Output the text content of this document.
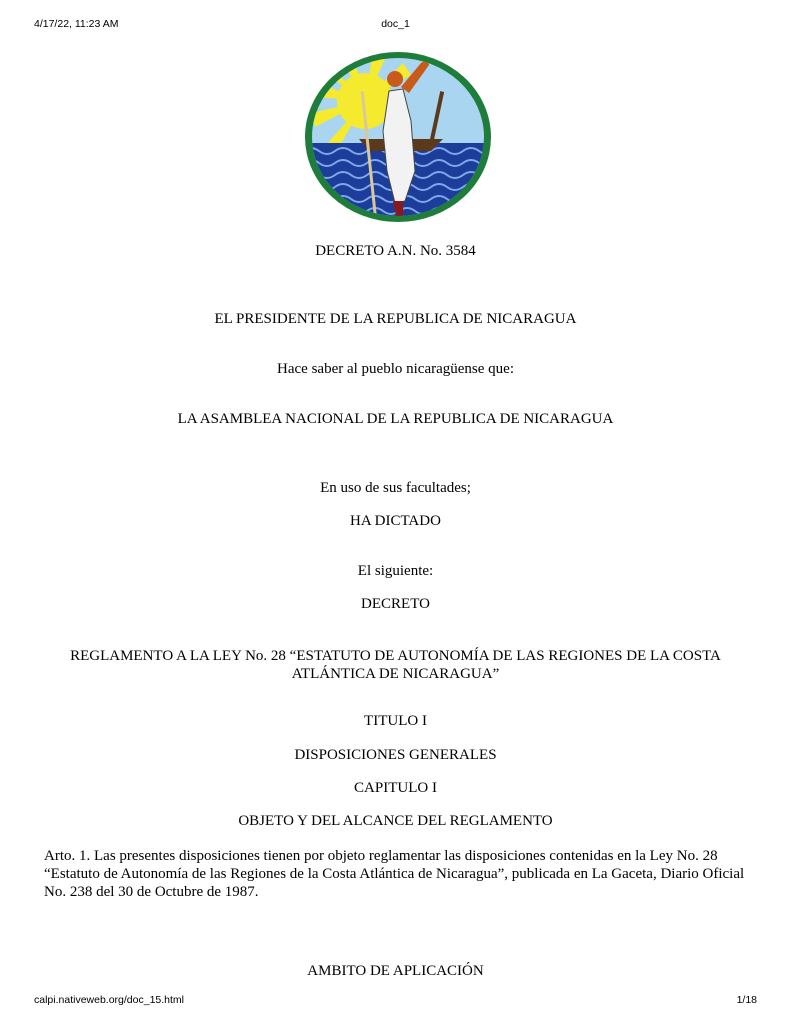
4/17/22, 11:23 AM	doc_1
DECRETO A.N. No. 3584
EL PRESIDENTE DE LA REPUBLICA DE NICARAGUA
Hace saber al pueblo nicaragüense que:
LA ASAMBLEA NACIONAL DE LA REPUBLICA DE NICARAGUA
En uso de sus facultades;
HA DICTADO
El siguiente:
DECRETO
REGLAMENTO A LA LEY No. 28 “ESTATUTO DE AUTONOMÍA DE LAS REGIONES DE LA COSTA ATLÁNTICA DE NICARAGUA”
TITULO I
DISPOSICIONES GENERALES
CAPITULO I
OBJETO Y DEL ALCANCE DEL REGLAMENTO
Arto. 1. Las presentes disposiciones tienen por objeto reglamentar las disposiciones contenidas en la Ley No. 28 “Estatuto de Autonomía de las Regiones de la Costa Atlántica de Nicaragua”, publicada en La Gaceta, Diario Oficial No. 238 del 30 de Octubre de 1987.
AMBITO DE APLICACIÓN
calpi.nativeweb.org/doc_15.html	1/18
